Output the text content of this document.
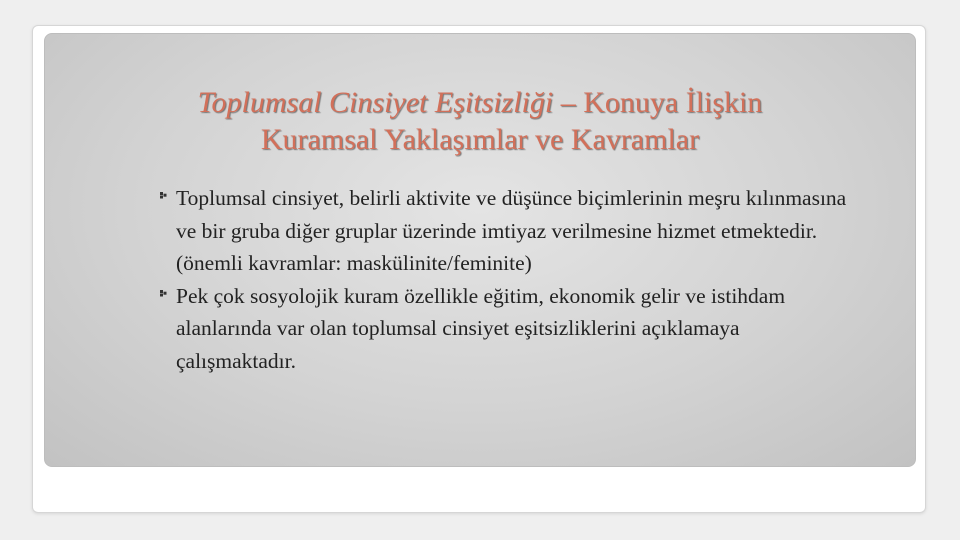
Toplumsal Cinsiyet Eşitsizliği – Konuya İlişkin
Kuramsal Yaklaşımlar ve Kavramlar
Toplumsal cinsiyet, belirli aktivite ve düşünce biçimlerinin meşru kılınmasına ve bir gruba diğer gruplar üzerinde imtiyaz verilmesine hizmet etmektedir. (önemli kavramlar: maskülinite/feminite)
Pek çok sosyolojik kuram özellikle eğitim, ekonomik gelir ve istihdam alanlarında var olan toplumsal cinsiyet eşitsizliklerini açıklamaya çalışmaktadır.
